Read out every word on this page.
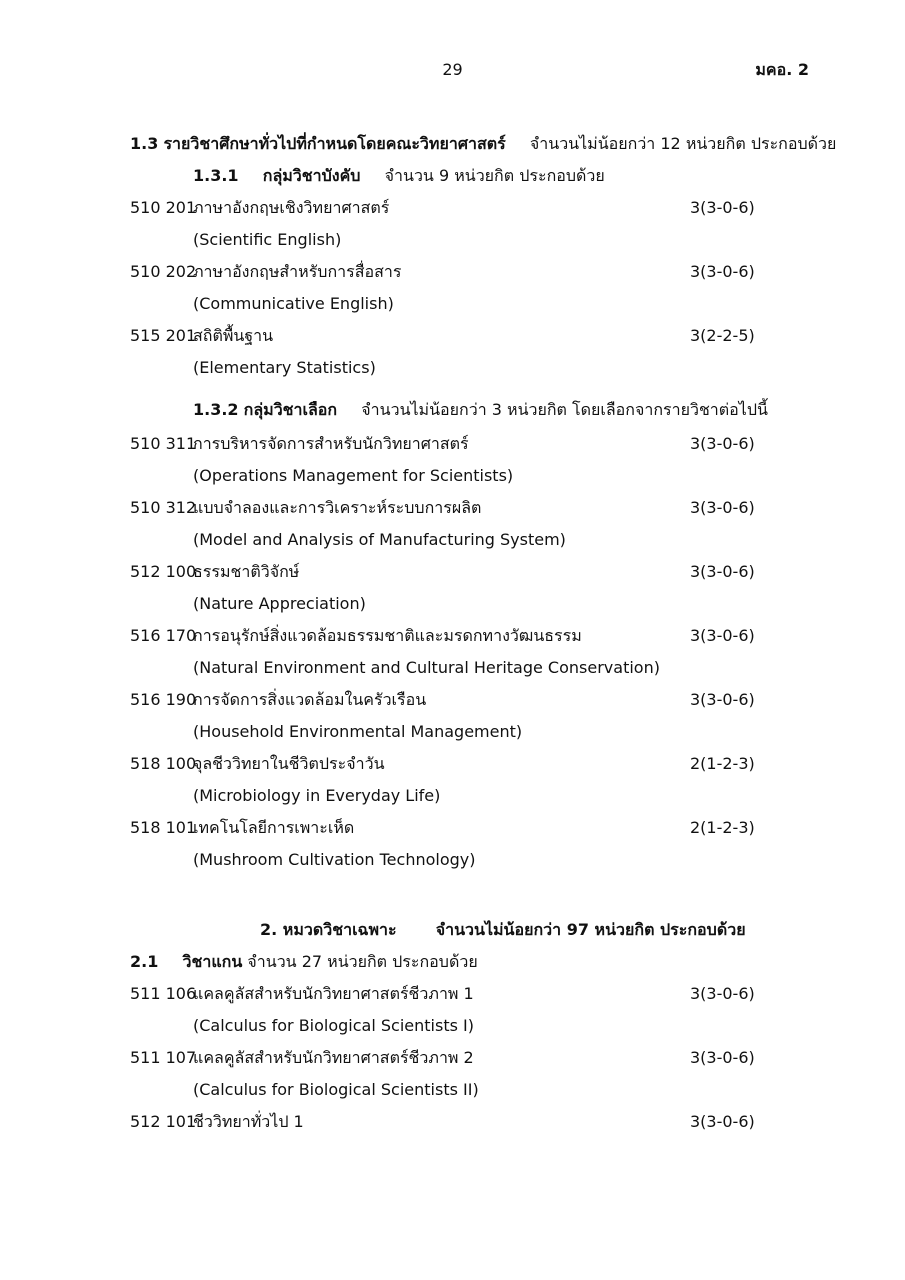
29	มคอ. 2
1.3 รายวิชาศึกษาทั่วไปที่กำหนดโดยคณะวิทยาศาสตร์ จำนวนไม่น้อยกว่า 12 หน่วยกิต ประกอบด้วย
1.3.1 กลุ่มวิชาบังคับ จำนวน 9 หน่วยกิต ประกอบด้วย
510 201
ภาษาอังกฤษเชิงวิทยาศาสตร์	3(3-0-6)
(Scientific English)
510 202
ภาษาอังกฤษสำหรับการสื่อสาร	3(3-0-6)
(Communicative English)
515 201
สถิติพื้นฐาน	3(2-2-5)
(Elementary Statistics)
1.3.2 กลุ่มวิชาเลือก จำนวนไม่น้อยกว่า 3 หน่วยกิต โดยเลือกจากรายวิชาต่อไปนี้
510 311
การบริหารจัดการสำหรับนักวิทยาศาสตร์	3(3-0-6)
(Operations Management for Scientists)
510 312
แบบจำลองและการวิเคราะห์ระบบการผลิต	3(3-0-6)
(Model and Analysis of Manufacturing System)
512 100
ธรรมชาติวิจักษ์	3(3-0-6)
(Nature Appreciation)
516 170
การอนุรักษ์สิ่งแวดล้อมธรรมชาติและมรดกทางวัฒนธรรม	3(3-0-6)
(Natural Environment and Cultural Heritage Conservation)
516 190
การจัดการสิ่งแวดล้อมในครัวเรือน	3(3-0-6)
(Household Environmental Management)
518 100
จุลชีววิทยาในชีวิตประจำวัน	2(1-2-3)
(Microbiology in Everyday Life)
518 101
เทคโนโลยีการเพาะเห็ด	2(1-2-3)
(Mushroom Cultivation Technology)
2. หมวดวิชาเฉพาะ จำนวนไม่น้อยกว่า 97 หน่วยกิต ประกอบด้วย
2.1 วิชาแกน จำนวน 27 หน่วยกิต ประกอบด้วย
511 106
แคลคูลัสสำหรับนักวิทยาศาสตร์ชีวภาพ 1	3(3-0-6)
(Calculus for Biological Scientists I)
511 107
แคลคูลัสสำหรับนักวิทยาศาสตร์ชีวภาพ 2	3(3-0-6)
(Calculus for Biological Scientists II)
512 101
ชีววิทยาทั่วไป 1	3(3-0-6)
